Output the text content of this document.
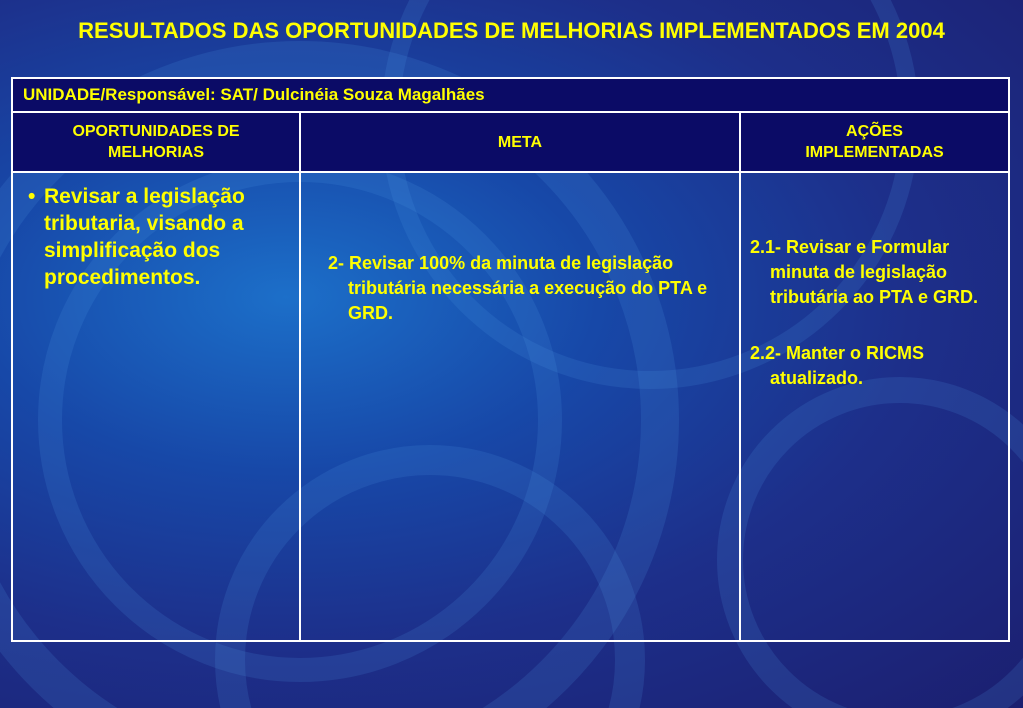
RESULTADOS DAS OPORTUNIDADES DE MELHORIAS IMPLEMENTADOS EM 2004
UNIDADE/Responsável: SAT/ Dulcinéia Souza Magalhães
OPORTUNIDADES DE MELHORIAS
META
AÇÕES IMPLEMENTADAS
• Revisar a legislação tributaria, visando a simplificação dos procedimentos.

2- Revisar 100% da minuta de legislação tributária necessária a execução do PTA e GRD.

2.1- Revisar e Formular minuta de legislação tributária ao PTA e GRD.

2.2- Manter o RICMS atualizado.
